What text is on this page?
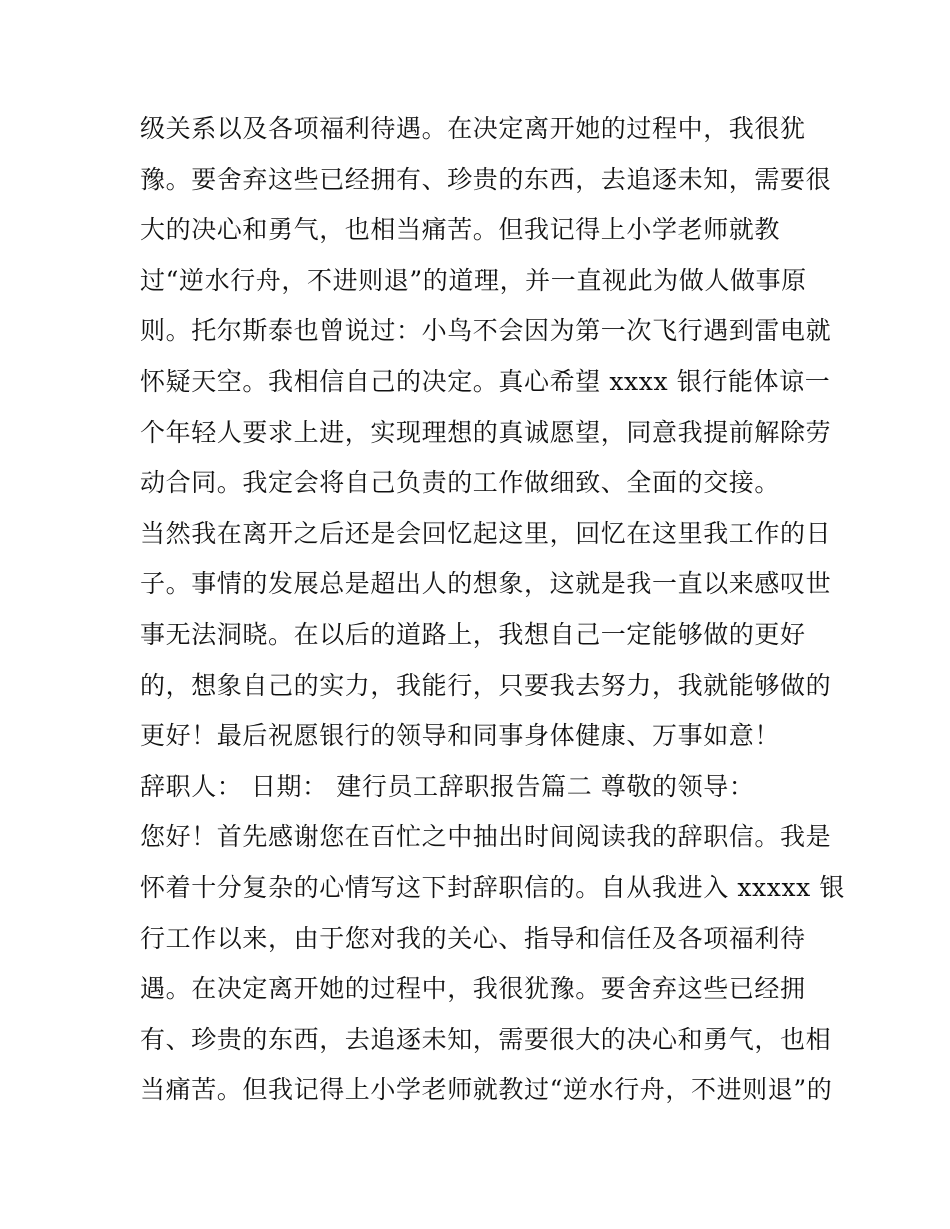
级关系以及各项福利待遇。在决定离开她的过程中，我很犹
豫。要舍弃这些已经拥有、珍贵的东西，去追逐未知，需要很
大的决心和勇气，也相当痛苦。但我记得上小学老师就教
过“逆水行舟，不进则退”的道理，并一直视此为做人做事原
则。托尔斯泰也曾说过：小鸟不会因为第一次飞行遇到雷电就
怀疑天空。我相信自己的决定。真心希望 xxxx 银行能体谅一
个年轻人要求上进，实现理想的真诚愿望，同意我提前解除劳
动合同。我定会将自己负责的工作做细致、全面的交接。
当然我在离开之后还是会回忆起这里，回忆在这里我工作的日
子。事情的发展总是超出人的想象，这就是我一直以来感叹世
事无法洞晓。在以后的道路上，我想自己一定能够做的更好
的，想象自己的实力，我能行，只要我去努力，我就能够做的
更好！最后祝愿银行的领导和同事身体健康、万事如意！
辞职人： 日期： 建行员工辞职报告篇二 尊敬的领导：
您好！首先感谢您在百忙之中抽出时间阅读我的辞职信。我是
怀着十分复杂的心情写这下封辞职信的。自从我进入 xxxxx 银
行工作以来，由于您对我的关心、指导和信任及各项福利待
遇。在决定离开她的过程中，我很犹豫。要舍弃这些已经拥
有、珍贵的东西，去追逐未知，需要很大的决心和勇气，也相
当痛苦。但我记得上小学老师就教过“逆水行舟，不进则退”的
